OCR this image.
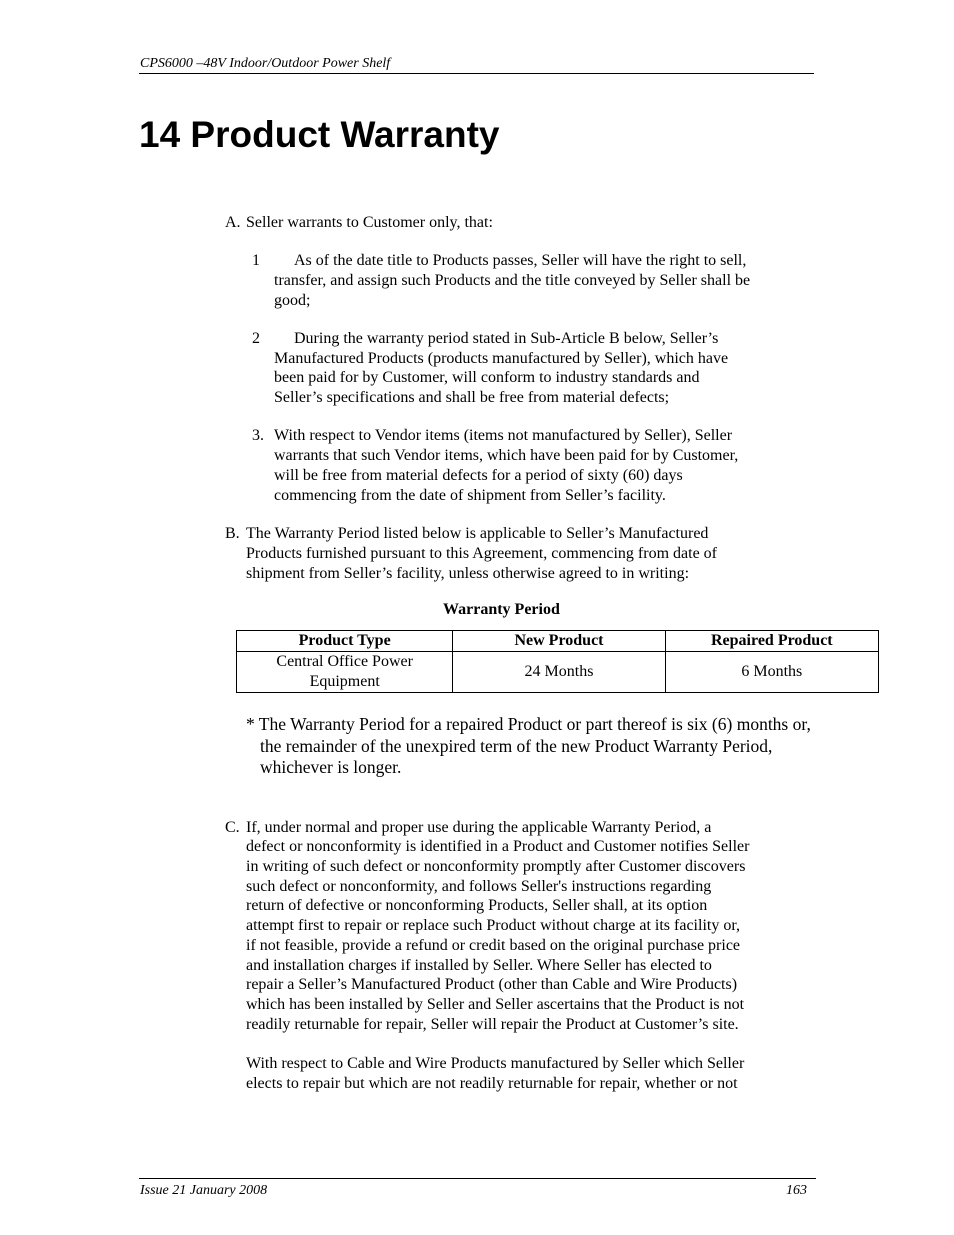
CPS6000 –48V Indoor/Outdoor Power Shelf
14 Product Warranty
A. Seller warrants to Customer only, that:
1 As of the date title to Products passes, Seller will have the right to sell,
transfer, and assign such Products and the title conveyed by Seller shall be
good;
2 During the warranty period stated in Sub-Article B below, Seller’s
Manufactured Products (products manufactured by Seller), which have
been paid for by Customer, will conform to industry standards and
Seller’s specifications and shall be free from material defects;
3. With respect to Vendor items (items not manufactured by Seller), Seller
warrants that such Vendor items, which have been paid for by Customer,
will be free from material defects for a period of sixty (60) days
commencing from the date of shipment from Seller’s facility.
B. The Warranty Period listed below is applicable to Seller’s Manufactured
Products furnished pursuant to this Agreement, commencing from date of
shipment from Seller’s facility, unless otherwise agreed to in writing:
Warranty Period
Product Type	New Product	Repaired Product
Central Office Power
Equipment	24 Months	6 Months
* The Warranty Period for a repaired Product or part thereof is six (6) months or,
the remainder of the unexpired term of the new Product Warranty Period,
whichever is longer.
C. If, under normal and proper use during the applicable Warranty Period, a
defect or nonconformity is identified in a Product and Customer notifies Seller
in writing of such defect or nonconformity promptly after Customer discovers
such defect or nonconformity, and follows Seller's instructions regarding
return of defective or nonconforming Products, Seller shall, at its option
attempt first to repair or replace such Product without charge at its facility or,
if not feasible, provide a refund or credit based on the original purchase price
and installation charges if installed by Seller. Where Seller has elected to
repair a Seller’s Manufactured Product (other than Cable and Wire Products)
which has been installed by Seller and Seller ascertains that the Product is not
readily returnable for repair, Seller will repair the Product at Customer’s site.
With respect to Cable and Wire Products manufactured by Seller which Seller
elects to repair but which are not readily returnable for repair, whether or not
Issue 21 January 2008	163
